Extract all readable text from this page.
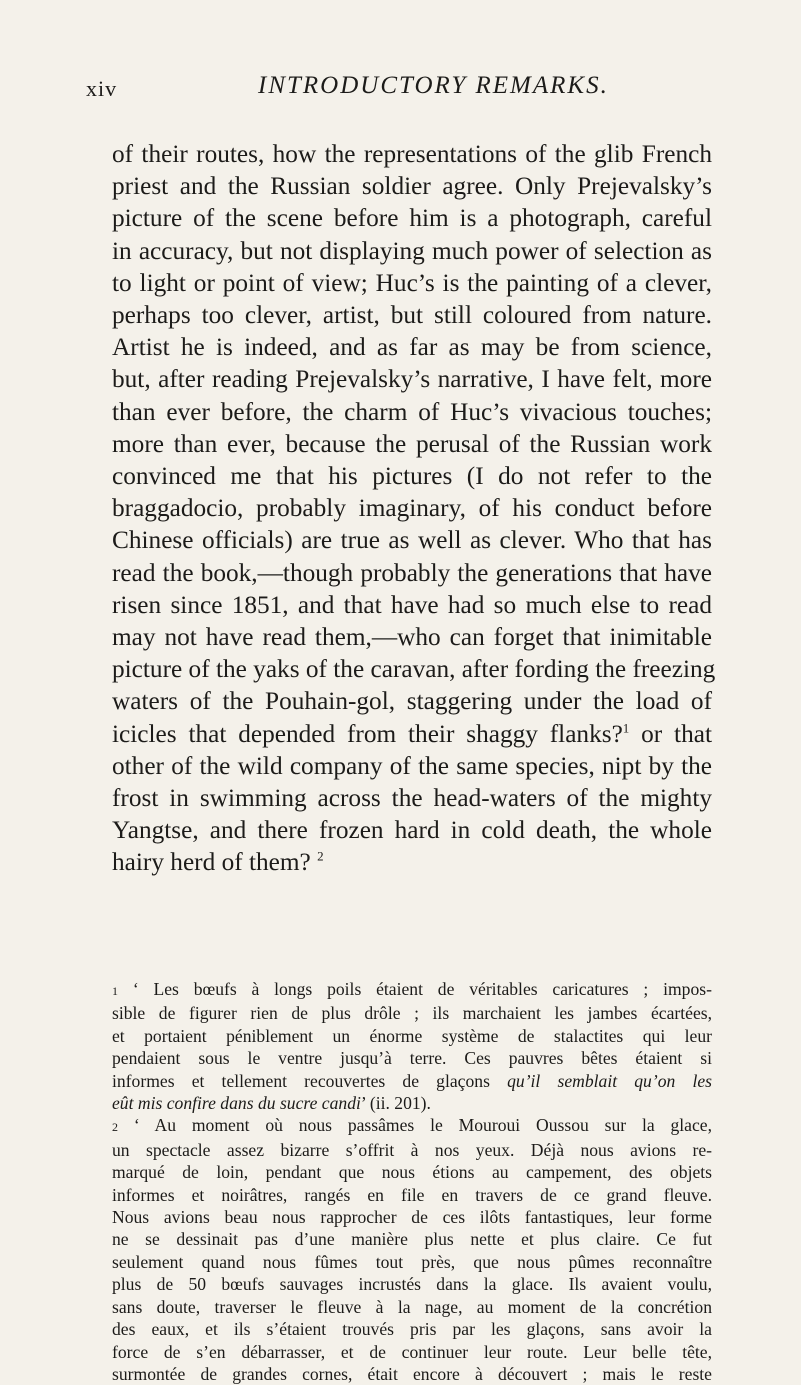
xiv	INTRODUCTORY REMARKS.
of their routes, how the representations of the glib French
priest and the Russian soldier agree. Only Prejevalsky’s
picture of the scene before him is a photograph, careful
in accuracy, but not displaying much power of selection as
to light or point of view; Huc’s is the painting of a clever,
perhaps too clever, artist, but still coloured from nature.
Artist he is indeed, and as far as may be from science,
but, after reading Prejevalsky’s narrative, I have felt, more
than ever before, the charm of Huc’s vivacious touches;
more than ever, because the perusal of the Russian work
convinced me that his pictures (I do not refer to the
braggadocio, probably imaginary, of his conduct before
Chinese officials) are true as well as clever. Who that has
read the book,—though probably the generations that have
risen since 1851, and that have had so much else to read
may not have read them,—who can forget that inimitable
picture of the yaks of the caravan, after fording the freezing
waters of the Pouhain-gol, staggering under the load of
icicles that depended from their shaggy flanks?$^1$ or that
other of the wild company of the same species, nipt by the
frost in swimming across the head-waters of the mighty
Yangtse, and there frozen hard in cold death, the whole
hairy herd of them? $^2$
1 ‘ Les bœufs à longs poils étaient de véritables caricatures ; impos-
sible de figurer rien de plus drôle ; ils marchaient les jambes écartées,
et portaient péniblement un énorme système de stalactites qui leur
pendaient sous le ventre jusqu’à terre. Ces pauvres bêtes étaient si
informes et tellement recouvertes de glaçons qu’il semblait qu’on les
eût mis confire dans du sucre candi’ (ii. 201).
2 ‘ Au moment où nous passâmes le Mouroui Oussou sur la glace,
un spectacle assez bizarre s’offrit à nos yeux. Déjà nous avions re-
marqué de loin, pendant que nous étions au campement, des objets
informes et noirâtres, rangés en file en travers de ce grand fleuve.
Nous avions beau nous rapprocher de ces ilôts fantastiques, leur forme
ne se dessinait pas d’une manière plus nette et plus claire. Ce fut
seulement quand nous fûmes tout près, que nous pûmes reconnaître
plus de 50 bœufs sauvages incrustés dans la glace. Ils avaient voulu,
sans doute, traverser le fleuve à la nage, au moment de la concrétion
des eaux, et ils s’étaient trouvés pris par les glaçons, sans avoir la
force de s’en débarrasser, et de continuer leur route. Leur belle tête,
surmontée de grandes cornes, était encore à découvert ; mais le reste
